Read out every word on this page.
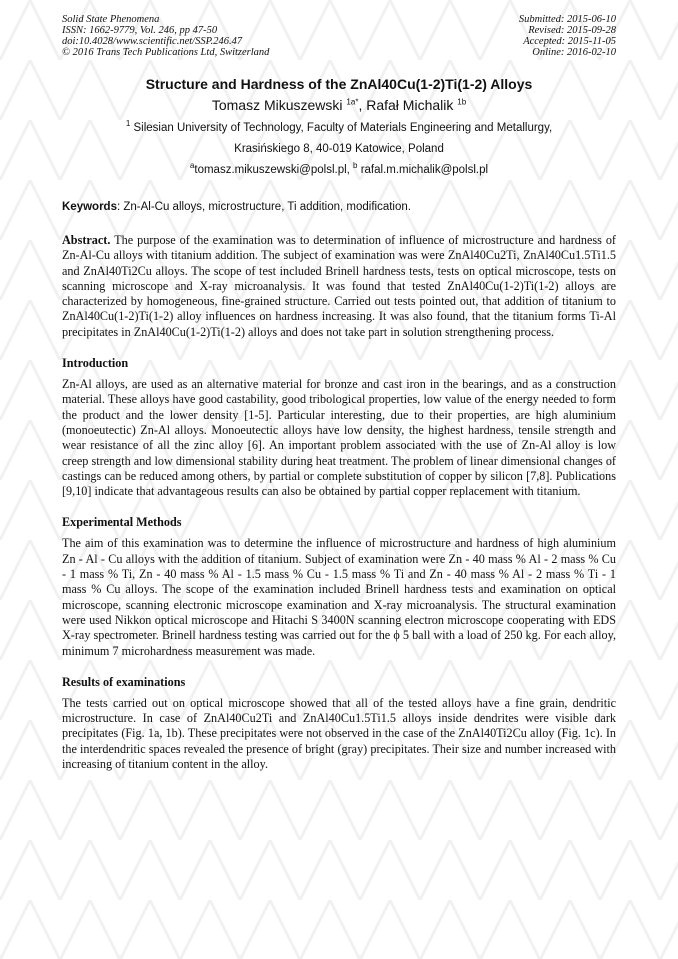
Solid State Phenomena
ISSN: 1662-9779, Vol. 246, pp 47-50
doi:10.4028/www.scientific.net/SSP.246.47
© 2016 Trans Tech Publications Ltd, Switzerland
Submitted: 2015-06-10
Revised: 2015-09-28
Accepted: 2015-11-05
Online: 2016-02-10
Structure and Hardness of the ZnAl40Cu(1-2)Ti(1-2) Alloys
Tomasz Mikuszewski $^{1a*}$, Rafał Michalik $^{1b}$
$^1$ Silesian University of Technology, Faculty of Materials Engineering and Metallurgy,
Krasińskiego 8, 40-019 Katowice, Poland
$^a$tomasz.mikuszewski@polsl.pl, $^b$ rafal.m.michalik@polsl.pl
Keywords: Zn-Al-Cu alloys, microstructure, Ti addition, modification.

Abstract. The purpose of the examination was to determination of influence of microstructure and hardness of Zn-Al-Cu alloys with titanium addition. The subject of examination was were ZnAl40Cu2Ti, ZnAl40Cu1.5Ti1.5 and ZnAl40Ti2Cu alloys. The scope of test included Brinell hardness tests, tests on optical microscope, tests on scanning microscope and X-ray microanalysis. It was found that tested ZnAl40Cu(1-2)Ti(1-2) alloys are characterized by homogeneous, fine-grained structure. Carried out tests pointed out, that addition of titanium to ZnAl40Cu(1-2)Ti(1-2) alloy influences on hardness increasing. It was also found, that the titanium forms Ti-Al precipitates in ZnAl40Cu(1-2)Ti(1-2) alloys and does not take part in solution strengthening process.

Introduction

Zn-Al alloys, are used as an alternative material for bronze and cast iron in the bearings, and as a construction material. These alloys have good castability, good tribological properties, low value of the energy needed to form the product and the lower density [1-5]. Particular interesting, due to their properties, are high aluminium (monoeutectic) Zn-Al alloys. Monoeutectic alloys have low density, the highest hardness, tensile strength and wear resistance of all the zinc alloy [6]. An important problem associated with the use of Zn-Al alloy is low creep strength and low dimensional stability during heat treatment. The problem of linear dimensional changes of castings can be reduced among others, by partial or complete substitution of copper by silicon [7,8]. Publications [9,10] indicate that advantageous results can also be obtained by partial copper replacement with titanium.

Experimental Methods

The aim of this examination was to determine the influence of microstructure and hardness of high aluminium Zn - Al - Cu alloys with the addition of titanium. Subject of examination were Zn - 40 mass % Al - 2 mass % Cu - 1 mass % Ti, Zn - 40 mass % Al - 1.5 mass % Cu - 1.5 mass % Ti and Zn - 40 mass % Al - 2 mass % Ti - 1 mass % Cu alloys. The scope of the examination included Brinell hardness tests and examination on optical microscope, scanning electronic microscope examination and X-ray microanalysis. The structural examination were used Nikkon optical microscope and Hitachi S 3400N scanning electron microscope cooperating with EDS X-ray spectrometer. Brinell hardness testing was carried out for the ϕ 5 ball with a load of 250 kg. For each alloy, minimum 7 microhardness measurement was made.

Results of examinations

The tests carried out on optical microscope showed that all of the tested alloys have a fine grain, dendritic microstructure. In case of ZnAl40Cu2Ti and ZnAl40Cu1.5Ti1.5 alloys inside dendrites were visible dark precipitates (Fig. 1a, 1b). These precipitates were not observed in the case of the ZnAl40Ti2Cu alloy (Fig. 1c). In the interdendritic spaces revealed the presence of bright (gray) precipitates. Their size and number increased with increasing of titanium content in the alloy.
